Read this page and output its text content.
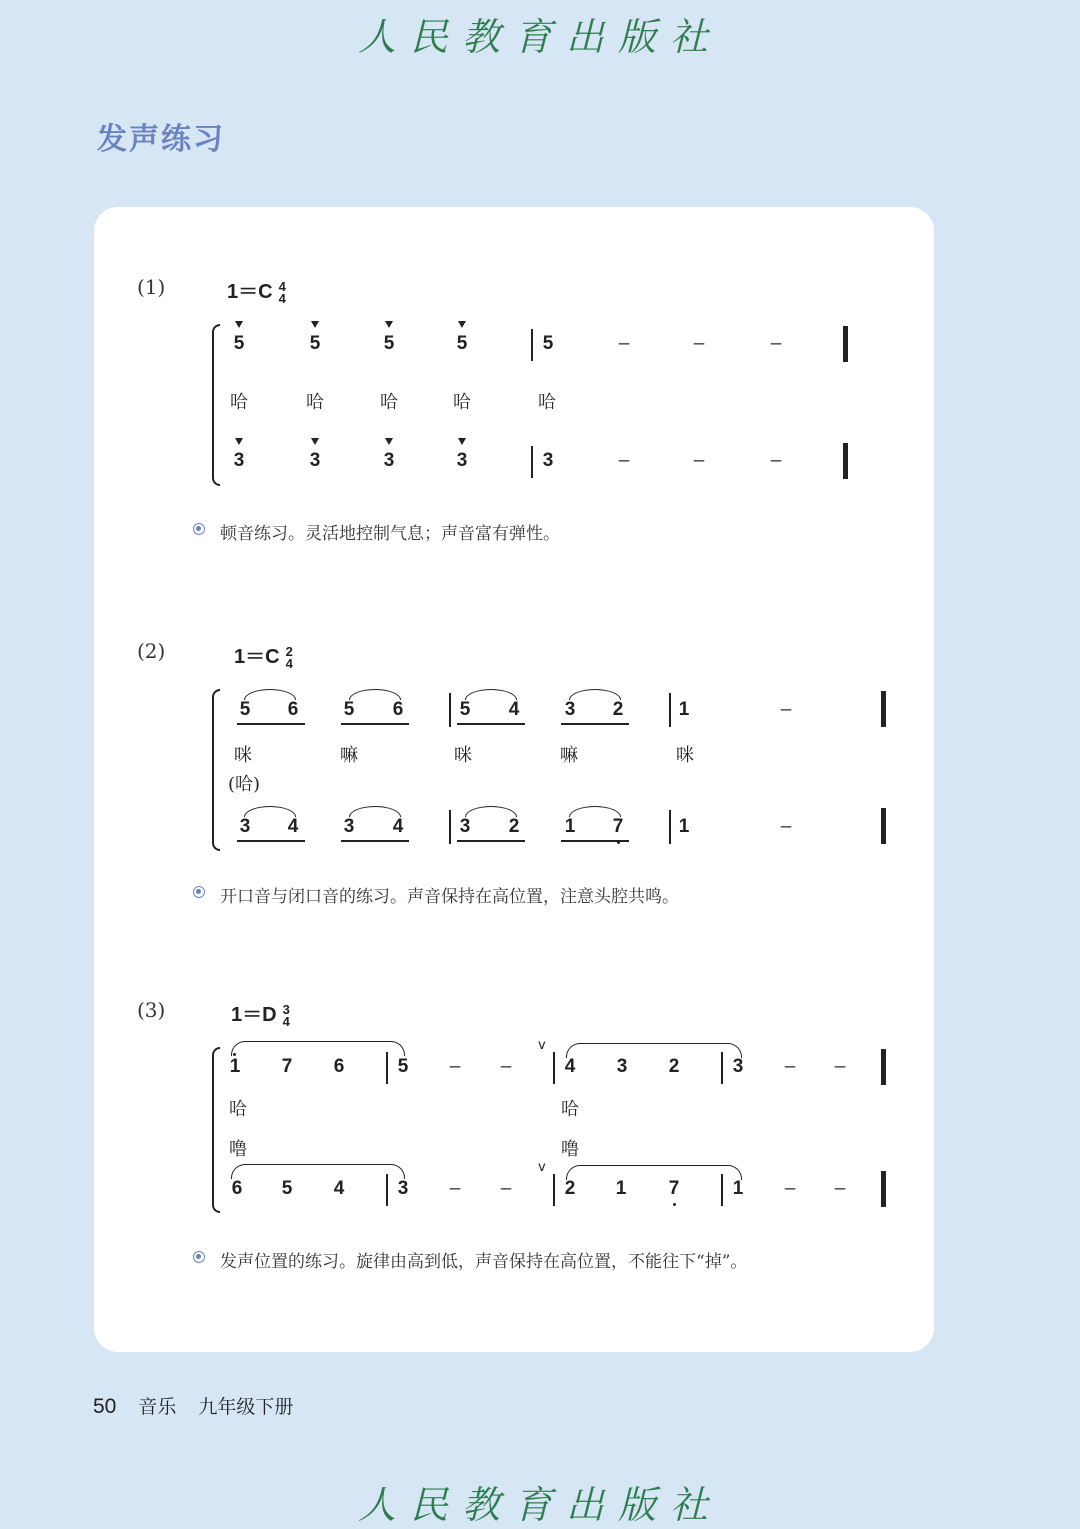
人民教育出版社
发声练习
(1)	1＝C 4
4
5	5	5	5	5	–	–	–
哈	哈	哈	哈	哈
3	3	3	3	3	–	–	–
顿音练习。灵活地控制气息；声音富有弹性。
(2)	1＝C 2
4
5	6	5	6	5	4	3	2	1	–
咪	嘛	咪	嘛	咪
(哈)
3	4	3	4	3	2	1	7	1	–
开口音与闭口音的练习。声音保持在高位置，注意头腔共鸣。
(3)	1＝D 3
4
1	7	6	5	–	–
v
4	3	2	3	–	–
哈	哈
噜	噜
6	5	4	3	–	–
v
2	1	7	1	–	–
发声位置的练习。旋律由高到低，声音保持在高位置，不能往下“掉”。
50 音乐 九年级下册
人民教育出版社
